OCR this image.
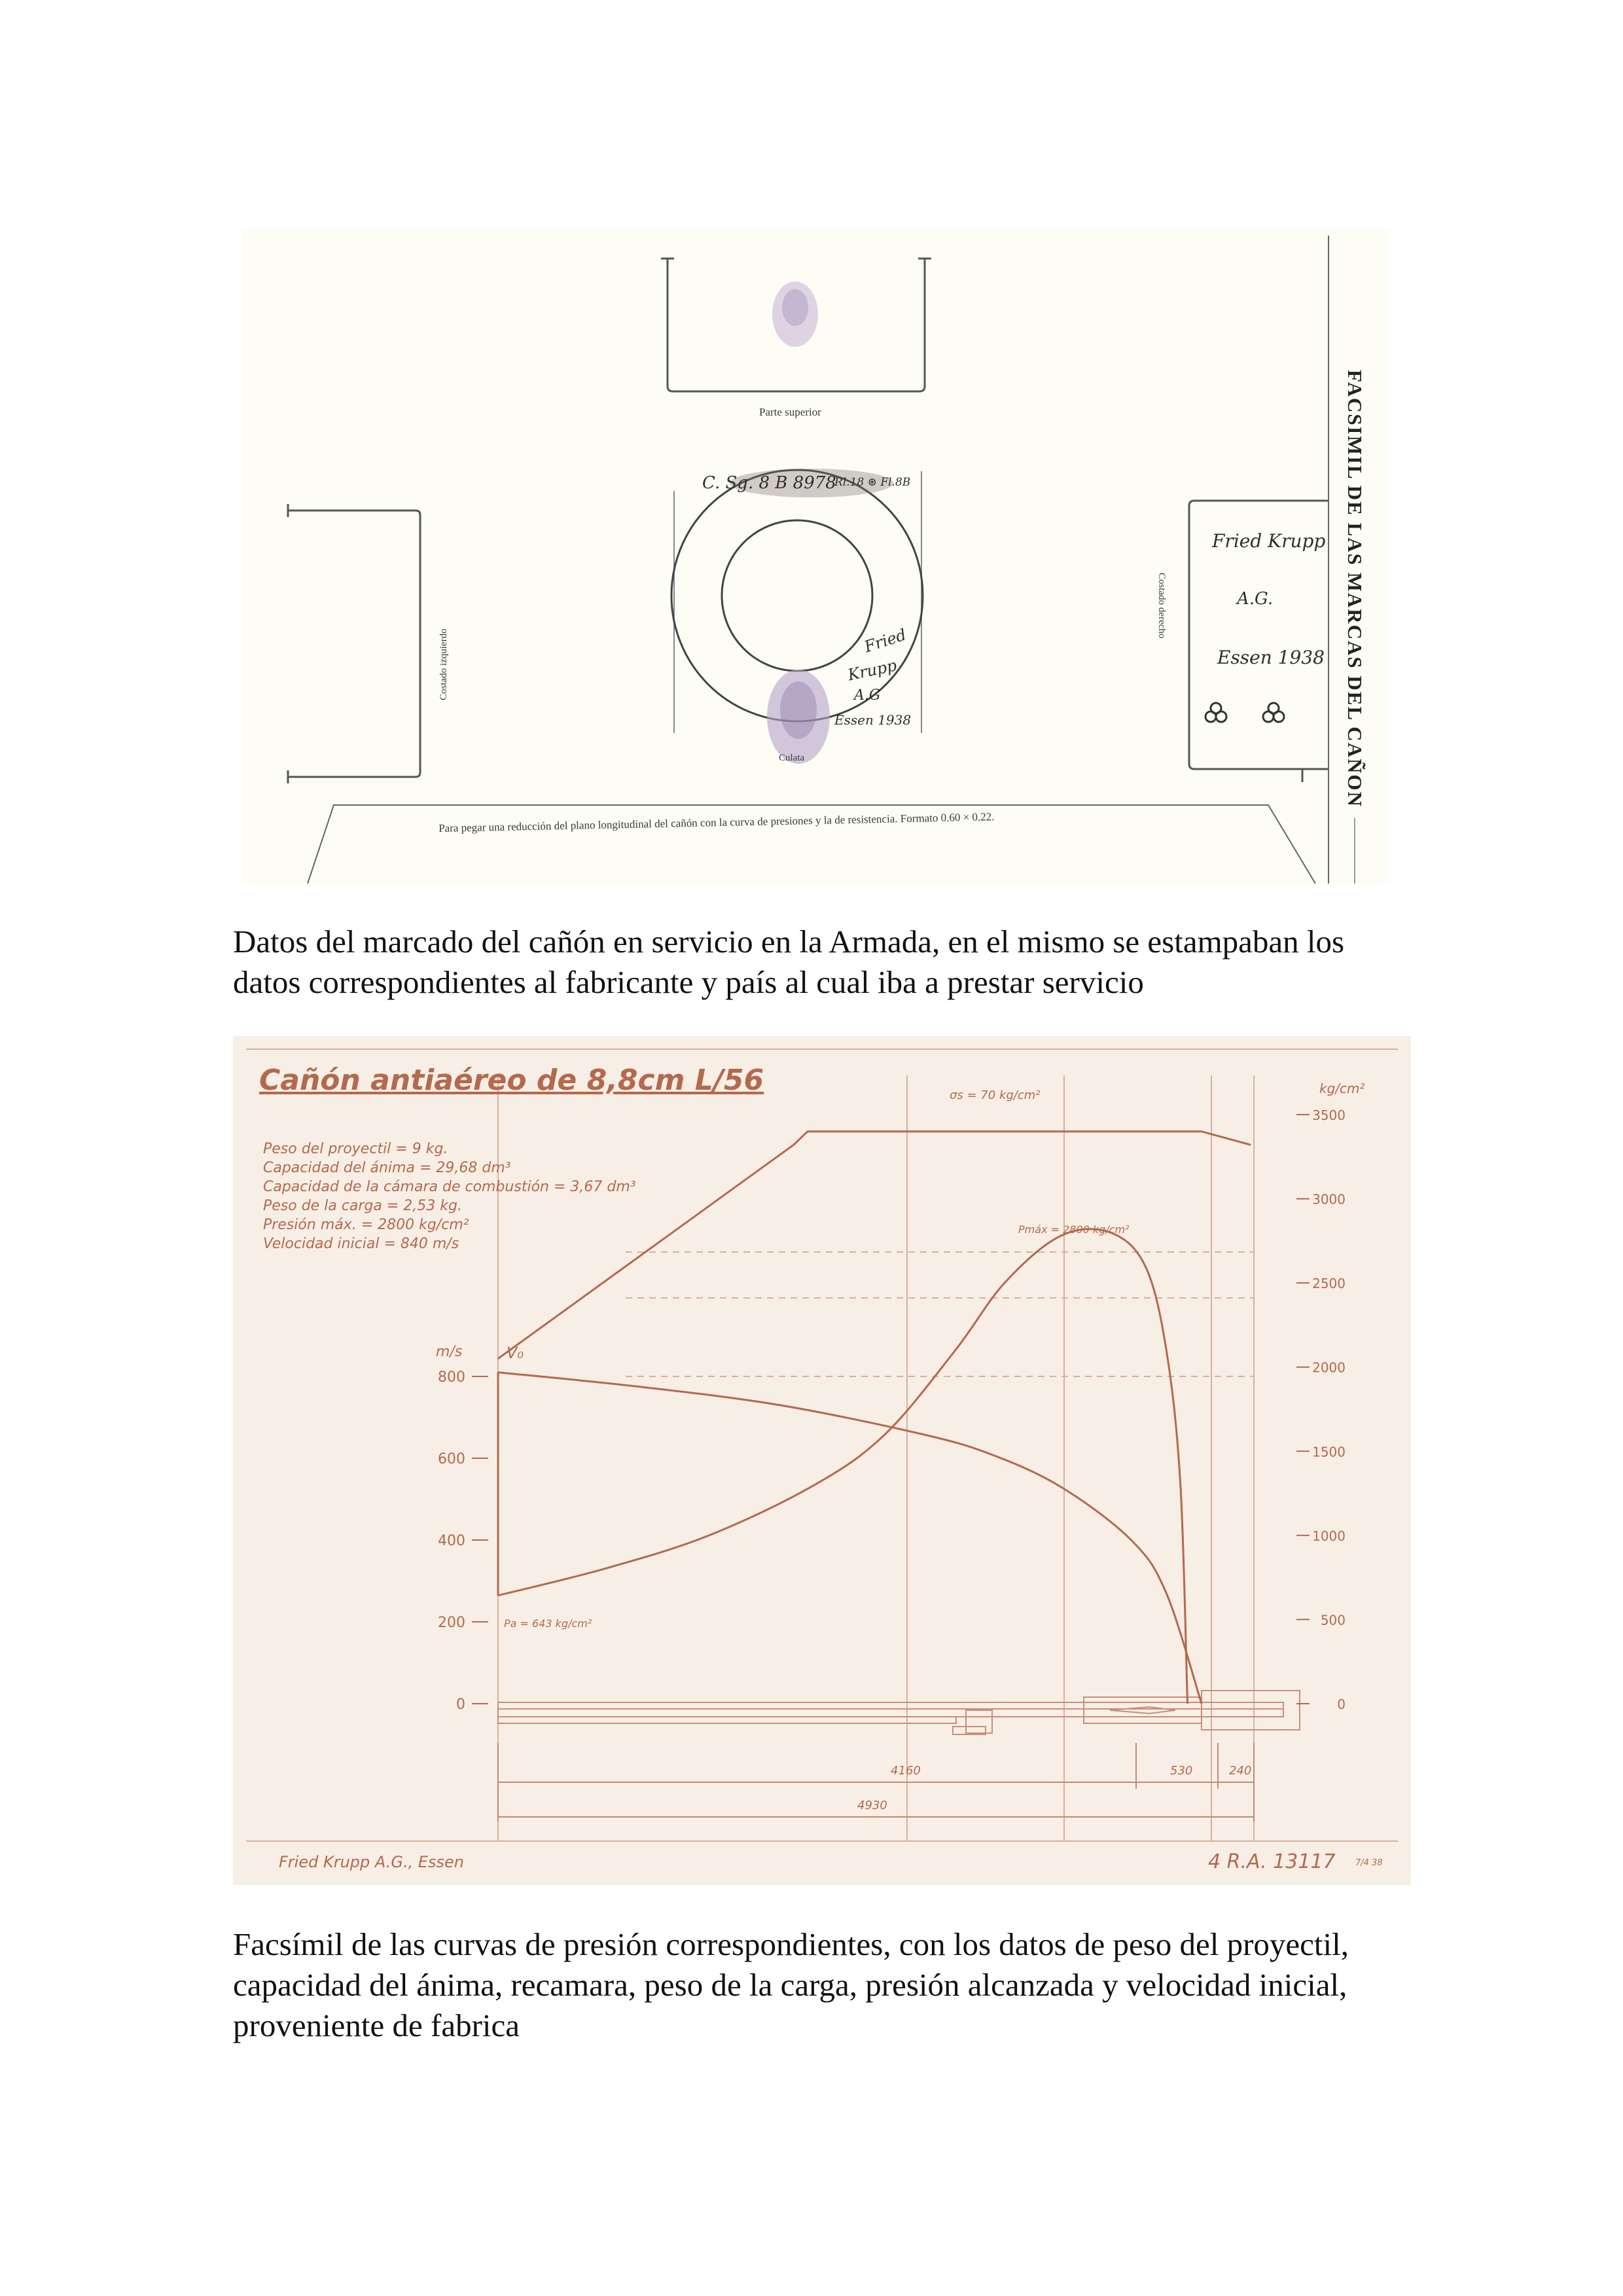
Parte superior
Costado izquierdo
Costado derecho
Culata
C. Sg. 8 B 8978
Rl.18 ⊛ Fl.8B
Fried
Krupp
A.G
Essen 1938
Fried Krupp
A.G.
Essen 1938 FACSIMIL DE LAS MARCAS DEL CAÑON
Para pegar una reducción del plano longitudinal del cañón con la curva de presiones y la de resistencia. Formato 0.60 × 0.22.
Datos del marcado del cañón en servicio en la Armada, en el mismo se estampaban los datos correspondientes al fabricante y país al cual iba a prestar servicio
800
600
400
200
0
3500
3000
2500
2000
1500
1000
500
0
Cañón antiaéreo de 8,8cm L/56
Peso del proyectil = 9 kg.
Capacidad del ánima = 29,68 dm³
Capacidad de la cámara de combustión = 3,67 dm³
Peso de la carga = 2,53 kg.
Presión máx. = 2800 kg/cm²
Velocidad inicial = 840 m/s
m/s
kg/cm²
σs = 70 kg/cm²
Pmáx = 2800 kg/cm²
Pa = 643 kg/cm²
V₀
4160	530	240
4930
Fried Krupp A.G., Essen	4 R.A. 13117 7/4 38
Facsímil de las curvas de presión correspondientes, con los datos de peso del proyectil, capacidad del ánima, recamara, peso de la carga, presión alcanzada y velocidad inicial, proveniente de fabrica
